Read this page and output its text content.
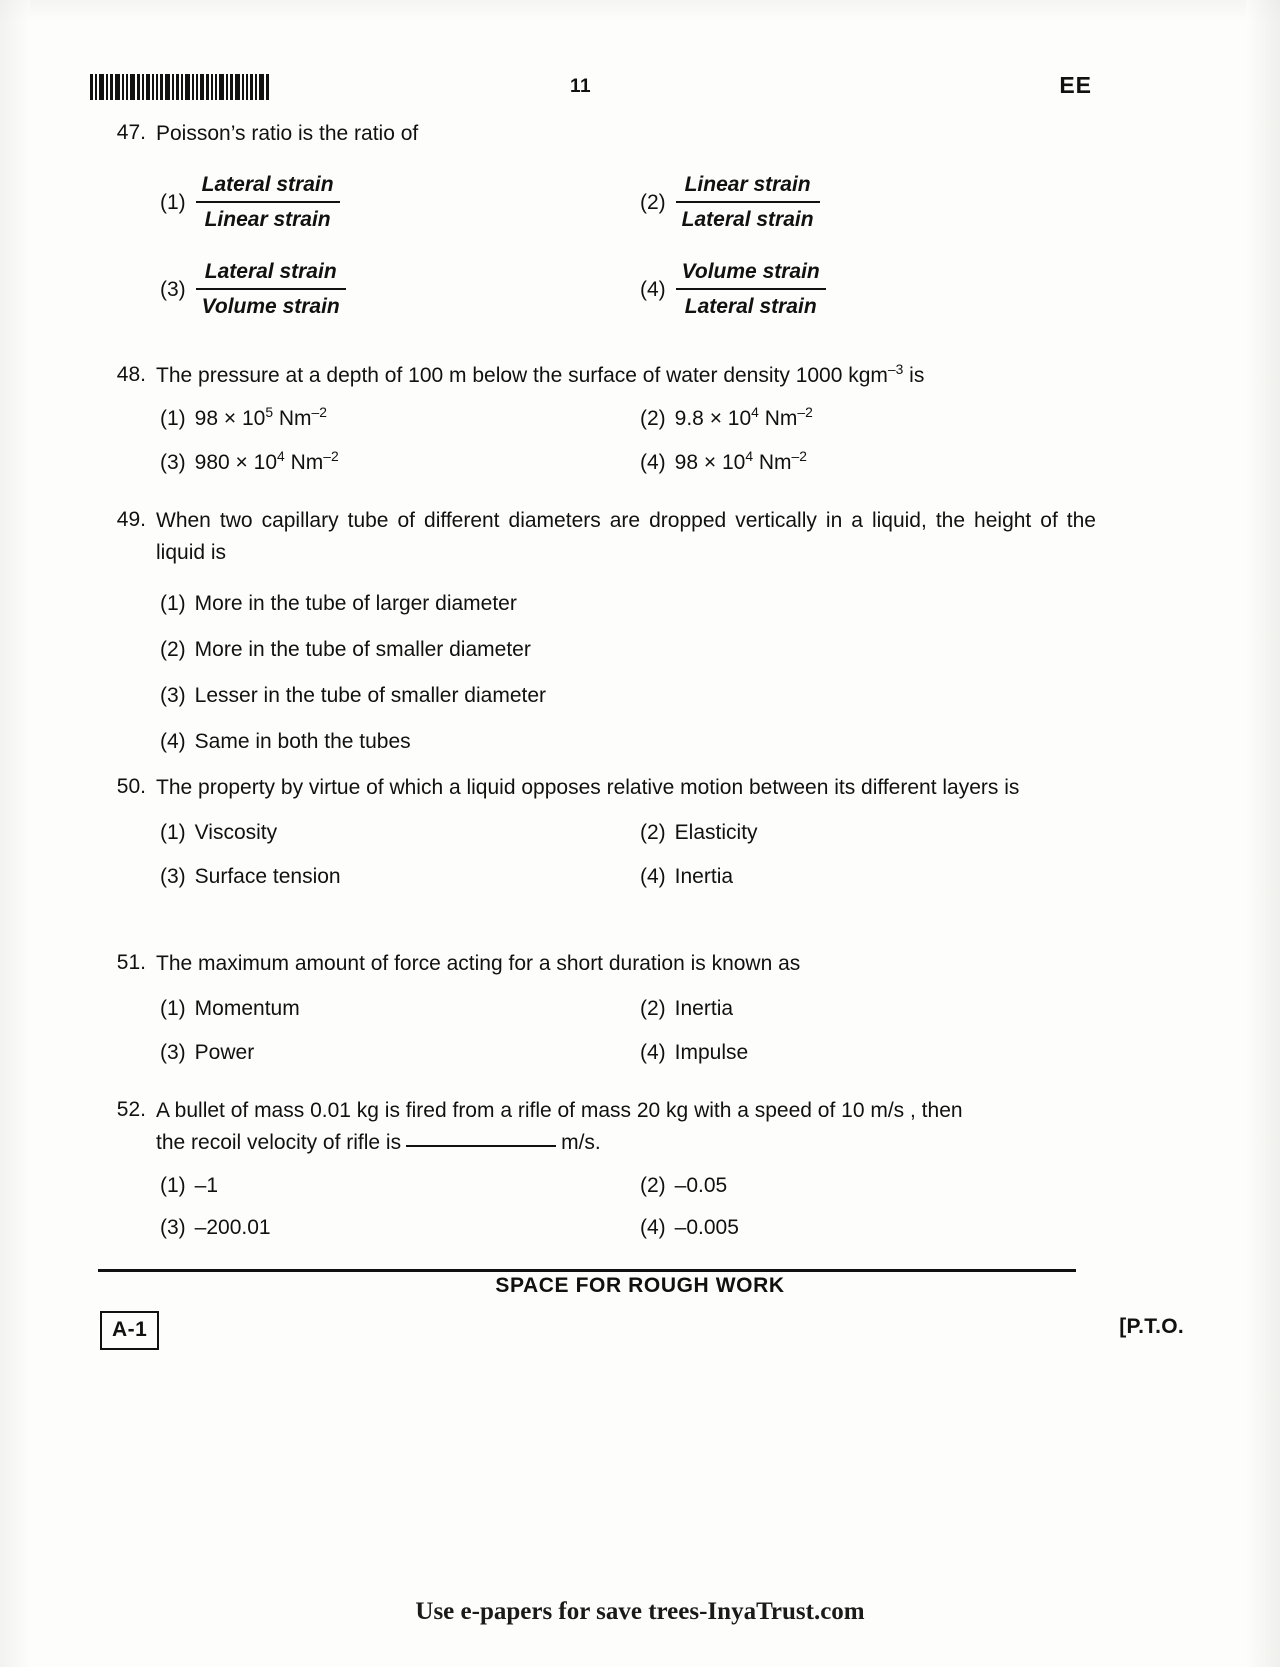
11	EE
47. Poisson’s ratio is the ratio of
$(1) \frac{\text{Lateral strain}}{\text{Linear strain}}$	$(2) \frac{\text{Linear strain}}{\text{Lateral strain}}$
$(3) \frac{\text{Lateral strain}}{\text{Volume strain}}$	$(4) \frac{\text{Volume strain}}{\text{Lateral strain}}$
48. The pressure at a depth of 100 m below the surface of water density 1000 kgm$^{-3}$ is
(1) $98 \times 10^5$ $Nm^{-2}$	(2) $9.8 \times 10^4$ $Nm^{-2}$
(3) $980 \times 10^4$ $Nm^{-2}$	(4) $98 \times 10^4$ $Nm^{-2}$
49. When two capillary tube of different diameters are dropped vertically in a liquid, the height of the liquid is
(1) More in the tube of larger diameter
(2) More in the tube of smaller diameter
(3) Lesser in the tube of smaller diameter
(4) Same in both the tubes
50. The property by virtue of which a liquid opposes relative motion between its different layers is
(1) Viscosity	(2) Elasticity
(3) Surface tension	(4) Inertia
51. The maximum amount of force acting for a short duration is known as
(1) Momentum	(2) Inertia
(3) Power	(4) Impulse
52. A bullet of mass 0.01 kg is fired from a rifle of mass 20 kg with a speed of 10 m/s , then
the recoil velocity of rifle is	m/s.
(1) –1	(2) –0.05
(3) –200.01	(4) –0.005
SPACE FOR ROUGH WORK
A-1	[P.T.O.
Use e-papers for save trees-InyaTrust.com
